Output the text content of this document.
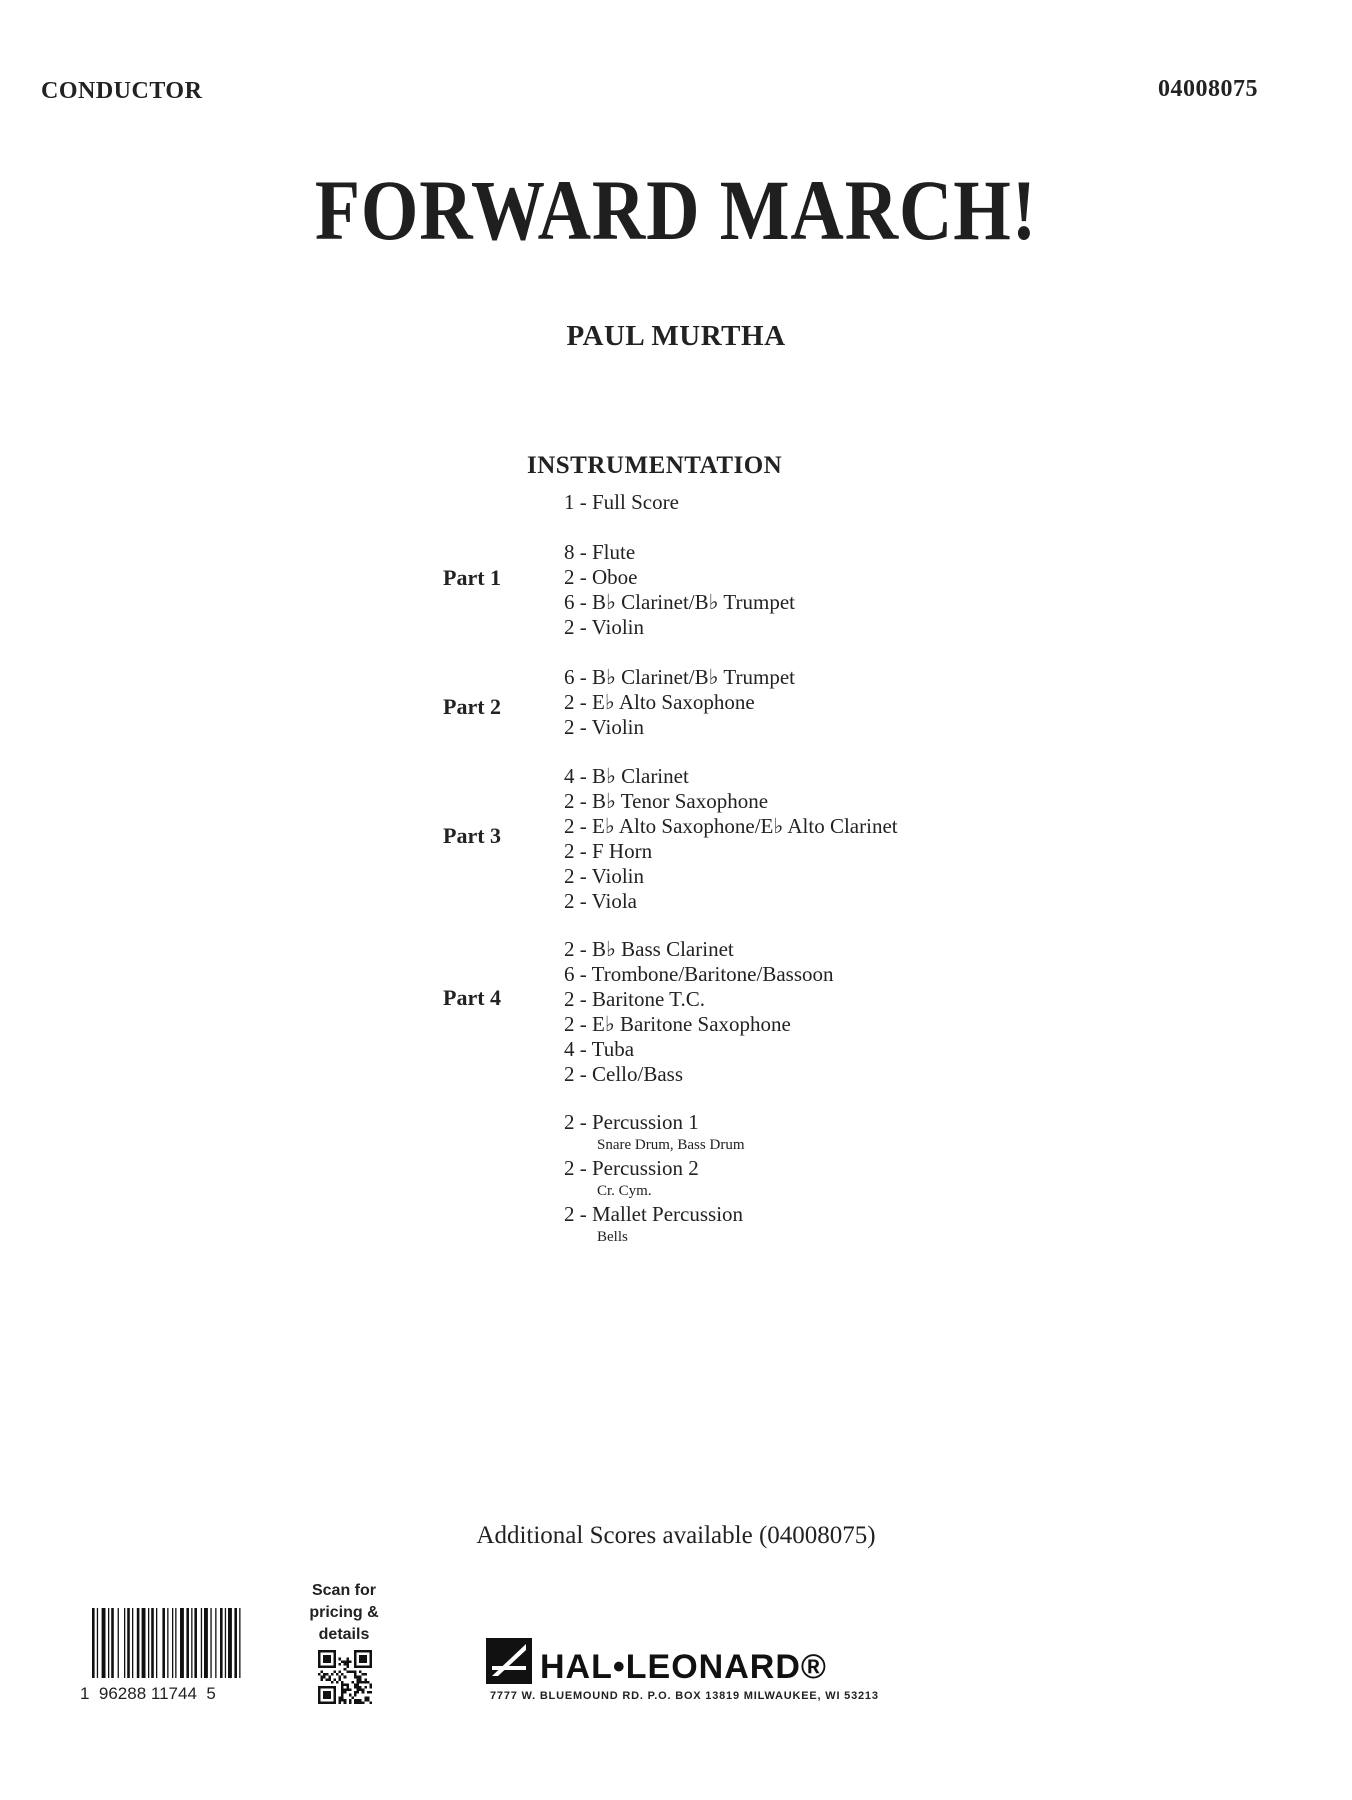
CONDUCTOR	04008075
FORWARD MARCH!
PAUL MURTHA
INSTRUMENTATION
1 - Full Score
Part 1
8 - Flute
2 - Oboe
6 - B♭ Clarinet/B♭ Trumpet
2 - Violin
Part 2
6 - B♭ Clarinet/B♭ Trumpet
2 - E♭ Alto Saxophone
2 - Violin
Part 3
4 - B♭ Clarinet
2 - B♭ Tenor Saxophone
2 - E♭ Alto Saxophone/E♭ Alto Clarinet
2 - F Horn
2 - Violin
2 - Viola
Part 4
2 - B♭ Bass Clarinet
6 - Trombone/Baritone/Bassoon
2 - Baritone T.C.
2 - E♭ Baritone Saxophone
4 - Tuba
2 - Cello/Bass
2 - Percussion 1
Snare Drum, Bass Drum
2 - Percussion 2
Cr. Cym.
2 - Mallet Percussion
Bells
Additional Scores available (04008075)
1  96288 11744  5
Scan for pricing & details
HAL•LEONARD®
7777 W. BLUEMOUND RD. P.O. BOX 13819 MILWAUKEE, WI 53213
